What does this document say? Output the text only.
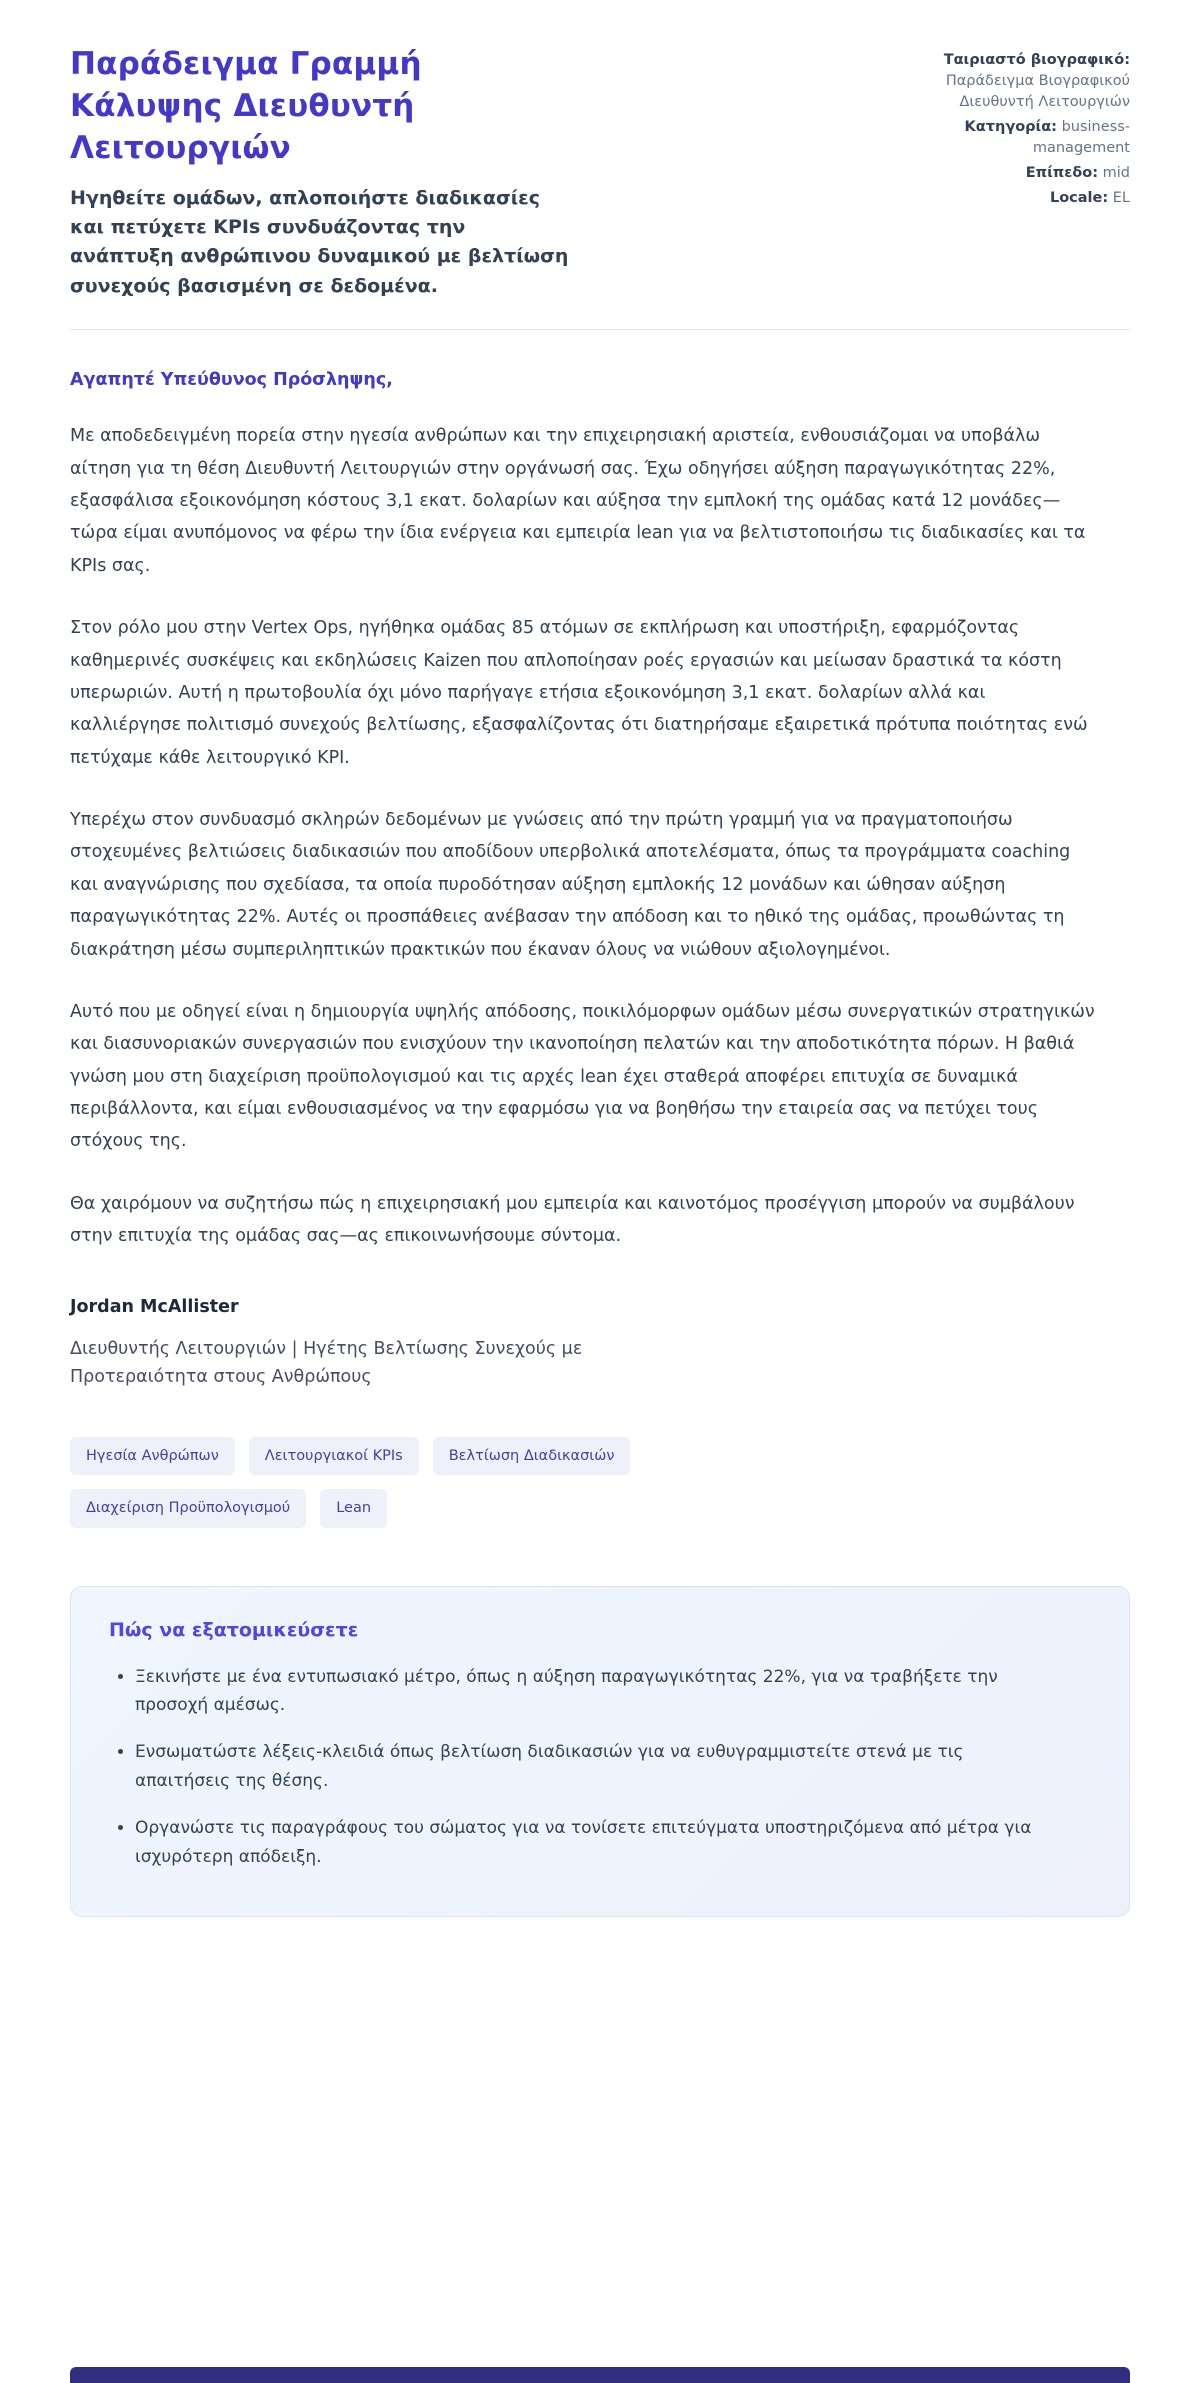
Παράδειγμα Γραμμή Κάλυψης Διευθυντή Λειτουργιών

Ηγηθείτε ομάδων, απλοποιήστε διαδικασίες και πετύχετε KPIs συνδυάζοντας την ανάπτυξη ανθρώπινου δυναμικού με βελτίωση συνεχούς βασισμένη σε δεδομένα.

Ταιριαστό βιογραφικό: Παράδειγμα Βιογραφικού Διευθυντή Λειτουργιών

Κατηγορία: business-management

Επίπεδο: mid

Locale: EL

Αγαπητέ Υπεύθυνος Πρόσληψης,

Με αποδεδειγμένη πορεία στην ηγεσία ανθρώπων και την επιχειρησιακή αριστεία, ενθουσιάζομαι να υποβάλω αίτηση για τη θέση Διευθυντή Λειτουργιών στην οργάνωσή σας. Έχω οδηγήσει αύξηση παραγωγικότητας 22%, εξασφάλισα εξοικονόμηση κόστους 3,1 εκατ. δολαρίων και αύξησα την εμπλοκή της ομάδας κατά 12 μονάδες—τώρα είμαι ανυπόμονος να φέρω την ίδια ενέργεια και εμπειρία lean για να βελτιστοποιήσω τις διαδικασίες και τα KPIs σας.

Στον ρόλο μου στην Vertex Ops, ηγήθηκα ομάδας 85 ατόμων σε εκπλήρωση και υποστήριξη, εφαρμόζοντας καθημερινές συσκέψεις και εκδηλώσεις Kaizen που απλοποίησαν ροές εργασιών και μείωσαν δραστικά τα κόστη υπερωριών. Αυτή η πρωτοβουλία όχι μόνο παρήγαγε ετήσια εξοικονόμηση 3,1 εκατ. δολαρίων αλλά και καλλιέργησε πολιτισμό συνεχούς βελτίωσης, εξασφαλίζοντας ότι διατηρήσαμε εξαιρετικά πρότυπα ποιότητας ενώ πετύχαμε κάθε λειτουργικό KPI.

Υπερέχω στον συνδυασμό σκληρών δεδομένων με γνώσεις από την πρώτη γραμμή για να πραγματοποιήσω στοχευμένες βελτιώσεις διαδικασιών που αποδίδουν υπερβολικά αποτελέσματα, όπως τα προγράμματα coaching και αναγνώρισης που σχεδίασα, τα οποία πυροδότησαν αύξηση εμπλοκής 12 μονάδων και ώθησαν αύξηση παραγωγικότητας 22%. Αυτές οι προσπάθειες ανέβασαν την απόδοση και το ηθικό της ομάδας, προωθώντας τη διακράτηση μέσω συμπεριληπτικών πρακτικών που έκαναν όλους να νιώθουν αξιολογημένοι.

Αυτό που με οδηγεί είναι η δημιουργία υψηλής απόδοσης, ποικιλόμορφων ομάδων μέσω συνεργατικών στρατηγικών και διασυνοριακών συνεργασιών που ενισχύουν την ικανοποίηση πελατών και την αποδοτικότητα πόρων. Η βαθιά γνώση μου στη διαχείριση προϋπολογισμού και τις αρχές lean έχει σταθερά αποφέρει επιτυχία σε δυναμικά περιβάλλοντα, και είμαι ενθουσιασμένος να την εφαρμόσω για να βοηθήσω την εταιρεία σας να πετύχει τους στόχους της.

Θα χαιρόμουν να συζητήσω πώς η επιχειρησιακή μου εμπειρία και καινοτόμος προσέγγιση μπορούν να συμβάλουν στην επιτυχία της ομάδας σας—ας επικοινωνήσουμε σύντομα.

Jordan McAllister

Διευθυντής Λειτουργιών | Ηγέτης Βελτίωσης Συνεχούς με Προτεραιότητα στους Ανθρώπους

Ηγεσία Ανθρώπων	Λειτουργιακοί KPIs	Βελτίωση Διαδικασιών
Διαχείριση Προϋπολογισμού	Lean

Πώς να εξατομικεύσετε

• Ξεκινήστε με ένα εντυπωσιακό μέτρο, όπως η αύξηση παραγωγικότητας 22%, για να τραβήξετε την προσοχή αμέσως.
• Ενσωματώστε λέξεις-κλειδιά όπως βελτίωση διαδικασιών για να ευθυγραμμιστείτε στενά με τις απαιτήσεις της θέσης.
• Οργανώστε τις παραγράφους του σώματος για να τονίσετε επιτεύγματα υποστηριζόμενα από μέτρα για ισχυρότερη απόδειξη.
